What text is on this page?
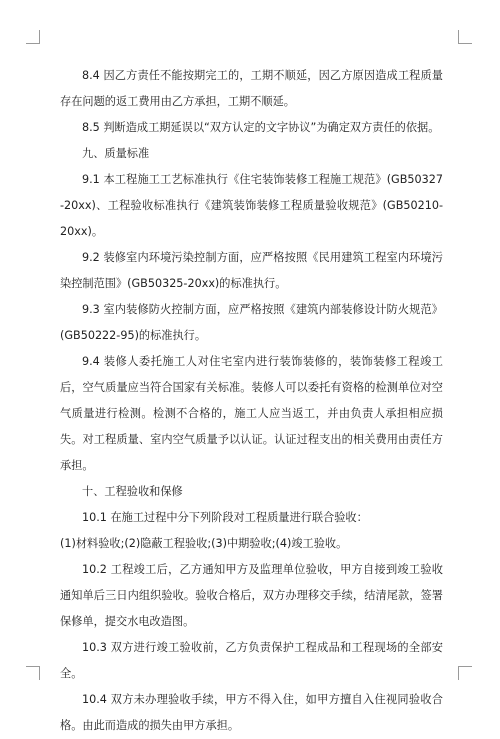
8.4 因乙方责任不能按期完工的，工期不顺延，因乙方原因造成工程质量存在问题的返工费用由乙方承担，工期不顺延。

8.5 判断造成工期延误以“双方认定的文字协议”为确定双方责任的依据。

九、质量标准

9.1 本工程施工工艺标准执行《住宅装饰装修工程施工规范》(GB50327-20xx)、工程验收标准执行《建筑装饰装修工程质量验收规范》(GB50210-20xx)。

9.2 装修室内环境污染控制方面，应严格按照《民用建筑工程室内环境污染控制范围》(GB50325-20xx)的标准执行。

9.3 室内装修防火控制方面，应严格按照《建筑内部装修设计防火规范》(GB50222-95)的标准执行。

9.4 装修人委托施工人对住宅室内进行装饰装修的，装饰装修工程竣工后，空气质量应当符合国家有关标准。装修人可以委托有资格的检测单位对空气质量进行检测。检测不合格的，施工人应当返工，并由负责人承担相应损失。对工程质量、室内空气质量予以认证。认证过程支出的相关费用由责任方承担。

十、工程验收和保修

10.1 在施工过程中分下列阶段对工程质量进行联合验收：

(1)材料验收;(2)隐蔽工程验收;(3)中期验收;(4)竣工验收。

10.2 工程竣工后，乙方通知甲方及监理单位验收，甲方自接到竣工验收通知单后三日内组织验收。验收合格后，双方办理移交手续，结清尾款，签署保修单，提交水电改造图。

10.3 双方进行竣工验收前，乙方负责保护工程成品和工程现场的全部安全。

10.4 双方未办理验收手续，甲方不得入住，如甲方擅自入住视同验收合格。由此而造成的损失由甲方承担。
